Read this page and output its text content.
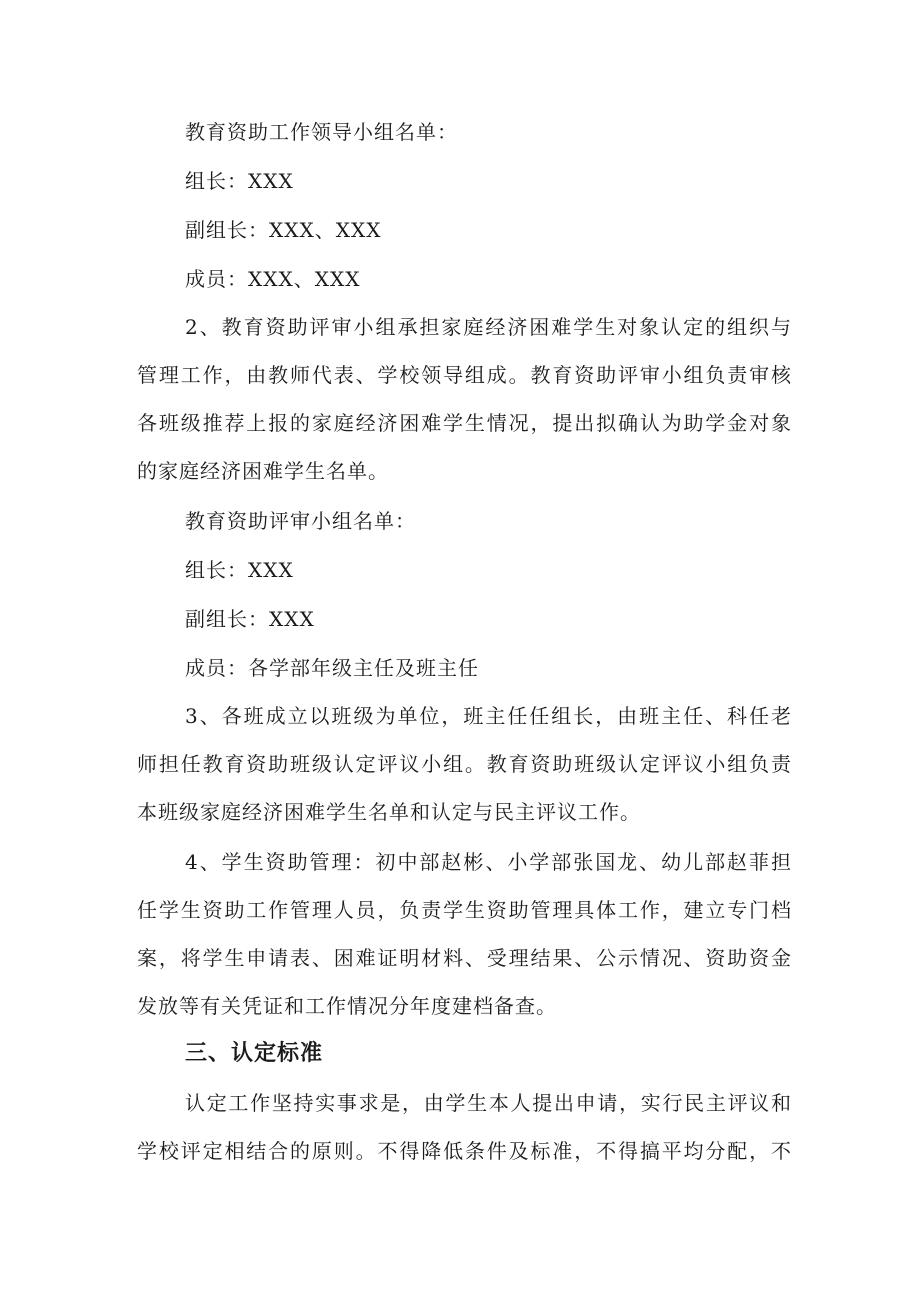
教育资助工作领导小组名单：
组长：XXX
副组长：XXX、XXX
成员：XXX、XXX
2、教育资助评审小组承担家庭经济困难学生对象认定的组织与
管理工作，由教师代表、学校领导组成。教育资助评审小组负责审核
各班级推荐上报的家庭经济困难学生情况，提出拟确认为助学金对象
的家庭经济困难学生名单。
教育资助评审小组名单：
组长：XXX
副组长：XXX
成员：各学部年级主任及班主任
3、各班成立以班级为单位，班主任任组长，由班主任、科任老
师担任教育资助班级认定评议小组。教育资助班级认定评议小组负责
本班级家庭经济困难学生名单和认定与民主评议工作。
4、学生资助管理：初中部赵彬、小学部张国龙、幼儿部赵菲担
任学生资助工作管理人员，负责学生资助管理具体工作，建立专门档
案，将学生申请表、困难证明材料、受理结果、公示情况、资助资金
发放等有关凭证和工作情况分年度建档备查。
三、认定标准
认定工作坚持实事求是，由学生本人提出申请，实行民主评议和
学校评定相结合的原则。不得降低条件及标准，不得搞平均分配，不
